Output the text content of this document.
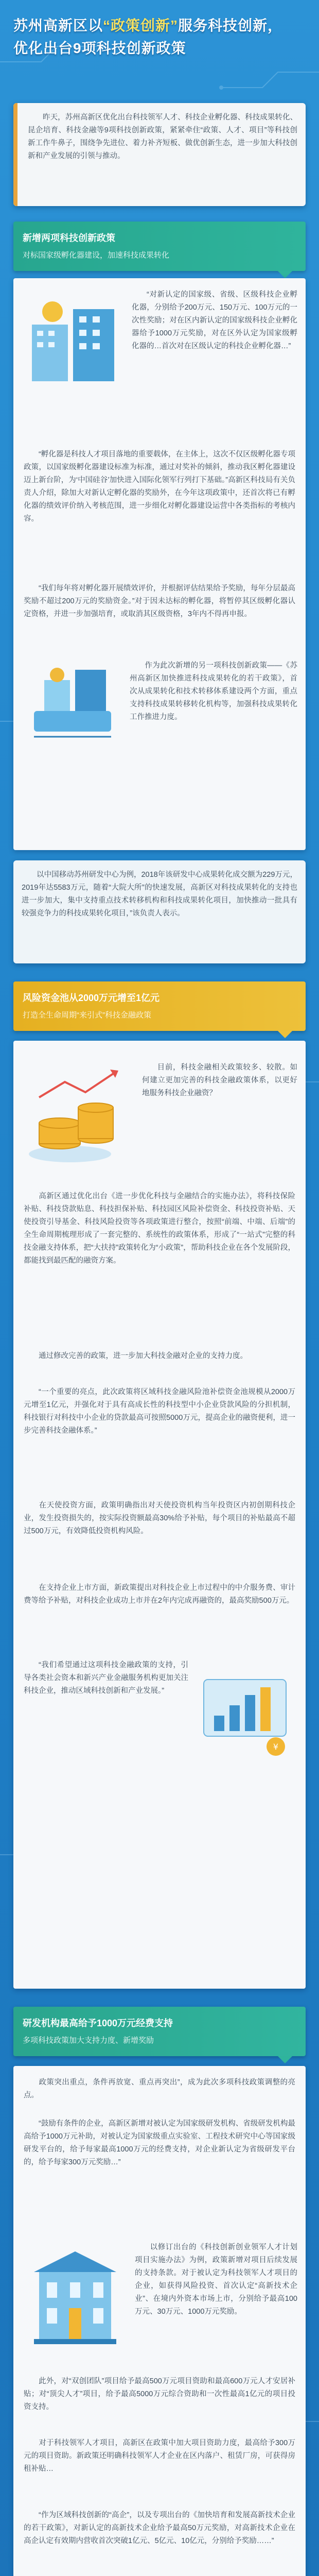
苏州高新区以“政策创新”服务科技创新，
优化出台9项科技创新政策

昨天，苏州高新区优化出台科技领军人才、科技企业孵化器、科技成果转化、昆企培育、科技金融等9项科技创新政策，紧紧牵住“政策、人才、项目”等科技创新工作牛鼻子，围绕争先进位、着力补齐短板、做优创新生态，进一步加大科技创新和产业发展的引领与推动。

新增两项科技创新政策
对标国家级孵化器建设，加速科技成果转化

“对新认定的国家级、省级、区级科技企业孵化器，分别给予200万元、150万元、100万元的一次性奖励；对在区内新认定的国家级科技企业孵化器给予1000万元奖励，对在区外认定为国家级孵化器的…首次对在区级认定的科技企业孵化器…”

“孵化器是科技人才项目落地的重要载体，在主体上，这次不仅区级孵化器专项政策，以国家级孵化器建设标准为标准，通过对奖补的倾斜，推动我区孵化器建设迈上新台阶，为‘中国硅谷’加快进入国际化领军行列打下基础。”高新区科技局有关负责人介绍，除加大对新认定孵化器的奖励外，在今年这项政策中，还首次将已有孵化器的绩效评价纳入考核范围，进一步细化对孵化器建设运营中各类指标的考核内容。

“我们每年将对孵化器开展绩效评价，并根据评估结果给予奖励，每年分层最高奖励不超过200万元的奖励资金。”对于因未达标的孵化器，将暂停其区级孵化器认定资格，并进一步加强培育，或取消其区级资格，3年内不得再申报。

作为此次新增的另一项科技创新政策——《苏州高新区加快推进科技成果转化的若干政策》，首次从成果转化和技术转移体系建设两个方面，重点支持科技成果转移转化机构等，加强科技成果转化工作推进力度。

以中国移动苏州研发中心为例，2018年该研发中心成果转化成交额为229万元，2019年达5583万元，随着“大院大所”的快速发展，高新区对科技成果转化的支持也进一步加大，集中支持重点技术转移机构和科技成果转化项目，加快推动一批具有较强竞争力的科技成果转化项目，”该负责人表示。

风险资金池从2000万元增至1亿元
打造全生命周期“来引式”科技金融政策

目前，科技金融相关政策较多、较散。如何建立更加完善的科技金融政策体系，以更好地服务科技企业融资？

高新区通过优化出台《进一步优化科技与金融结合的实施办法》，将科技保险补贴、科技贷款贴息、科技担保补贴、科技园区风险补偿资金、科技投资补贴、天使投资引导基金、科技风险投资等各项政策进行整合，按照“前端、中端、后端”的全生命周期梳理形成了一套完整的、系统性的政策体系，形成了“一站式”完整的科技金融支持体系，把“大扶持”政策转化为“小政策”，帮助科技企业在各个发展阶段，都能找到最匹配的融资方案。

通过修改完善的政策，进一步加大科技金融对企业的支持力度。

“一个重要的亮点，此次政策将区域科技金融风险池补偿资金池规模从2000万元增至1亿元，并强化对于具有高成长性的科技型中小企业贷款风险的分担机制，科技银行对科技中小企业的贷款最高可按照5000万元，提高企业的融资便利，进一步完善科技金融体系。”

在天使投资方面，政策明确指出对天使投资机构当年投资区内初创期科技企业，发生投资损失的，按实际投资额最高30%给予补贴，每个项目的补贴最高不超过500万元，有效降低投资机构风险。

在支持企业上市方面，新政策提出对科技企业上市过程中的中介服务费、审计费等给予补贴，对科技企业成功上市并在2年内完成再融资的，最高奖励500万元。

“我们希望通过这项科技金融政策的支持，引导各类社会资本和新兴产业金融服务机构更加关注科技企业，推动区域科技创新和产业发展。”

¥
研发机构最高给予1000万元经费支持
多项科技政策加大支持力度、新增奖励

政策突出重点，条件再放宽、重点再突出”，成为此次多项科技政策调整的亮点。

“鼓励有条件的企业，高新区新增对被认定为国家级研发机构、省级研发机构最高给予1000万元补助，对被认定为国家级重点实验室、工程技术研究中心等国家级研发平台的，给予每家最高1000万元的经费支持，对企业新认定为省级研发平台的，给予每家300万元奖励…”

以修订出台的《科技创新创业领军人才计划项目实施办法》为例，政策新增对项目后续发展的支持条款。对于被认定为科技领军人才项目的企业，如获得风险投资、首次认定“高新技术企业”、在境内外资本市场上市，分别给予最高100万元、30万元、1000万元奖励。

此外，对“双创团队”项目给予最高500万元项目资助和最高600万元人才安居补贴；对“顶尖人才”项目，给予最高5000万元综合资助和一次性最高1亿元的项目投资支持。

对于科技领军人才项目，高新区在政策中加大项目资助力度，最高给予300万元的项目资助。新政策还明确科技领军人才企业在区内落户、租赁厂房，可获得房租补贴…

“作为区域科技创新的“高企”，以及专项出台的《加快培育和发展高新技术企业的若干政策》，对新认定的高新技术企业给予最高50万元奖励，对高新技术企业在高企认定有效期内营收首次突破1亿元、5亿元、10亿元，分别给予奖励……”
